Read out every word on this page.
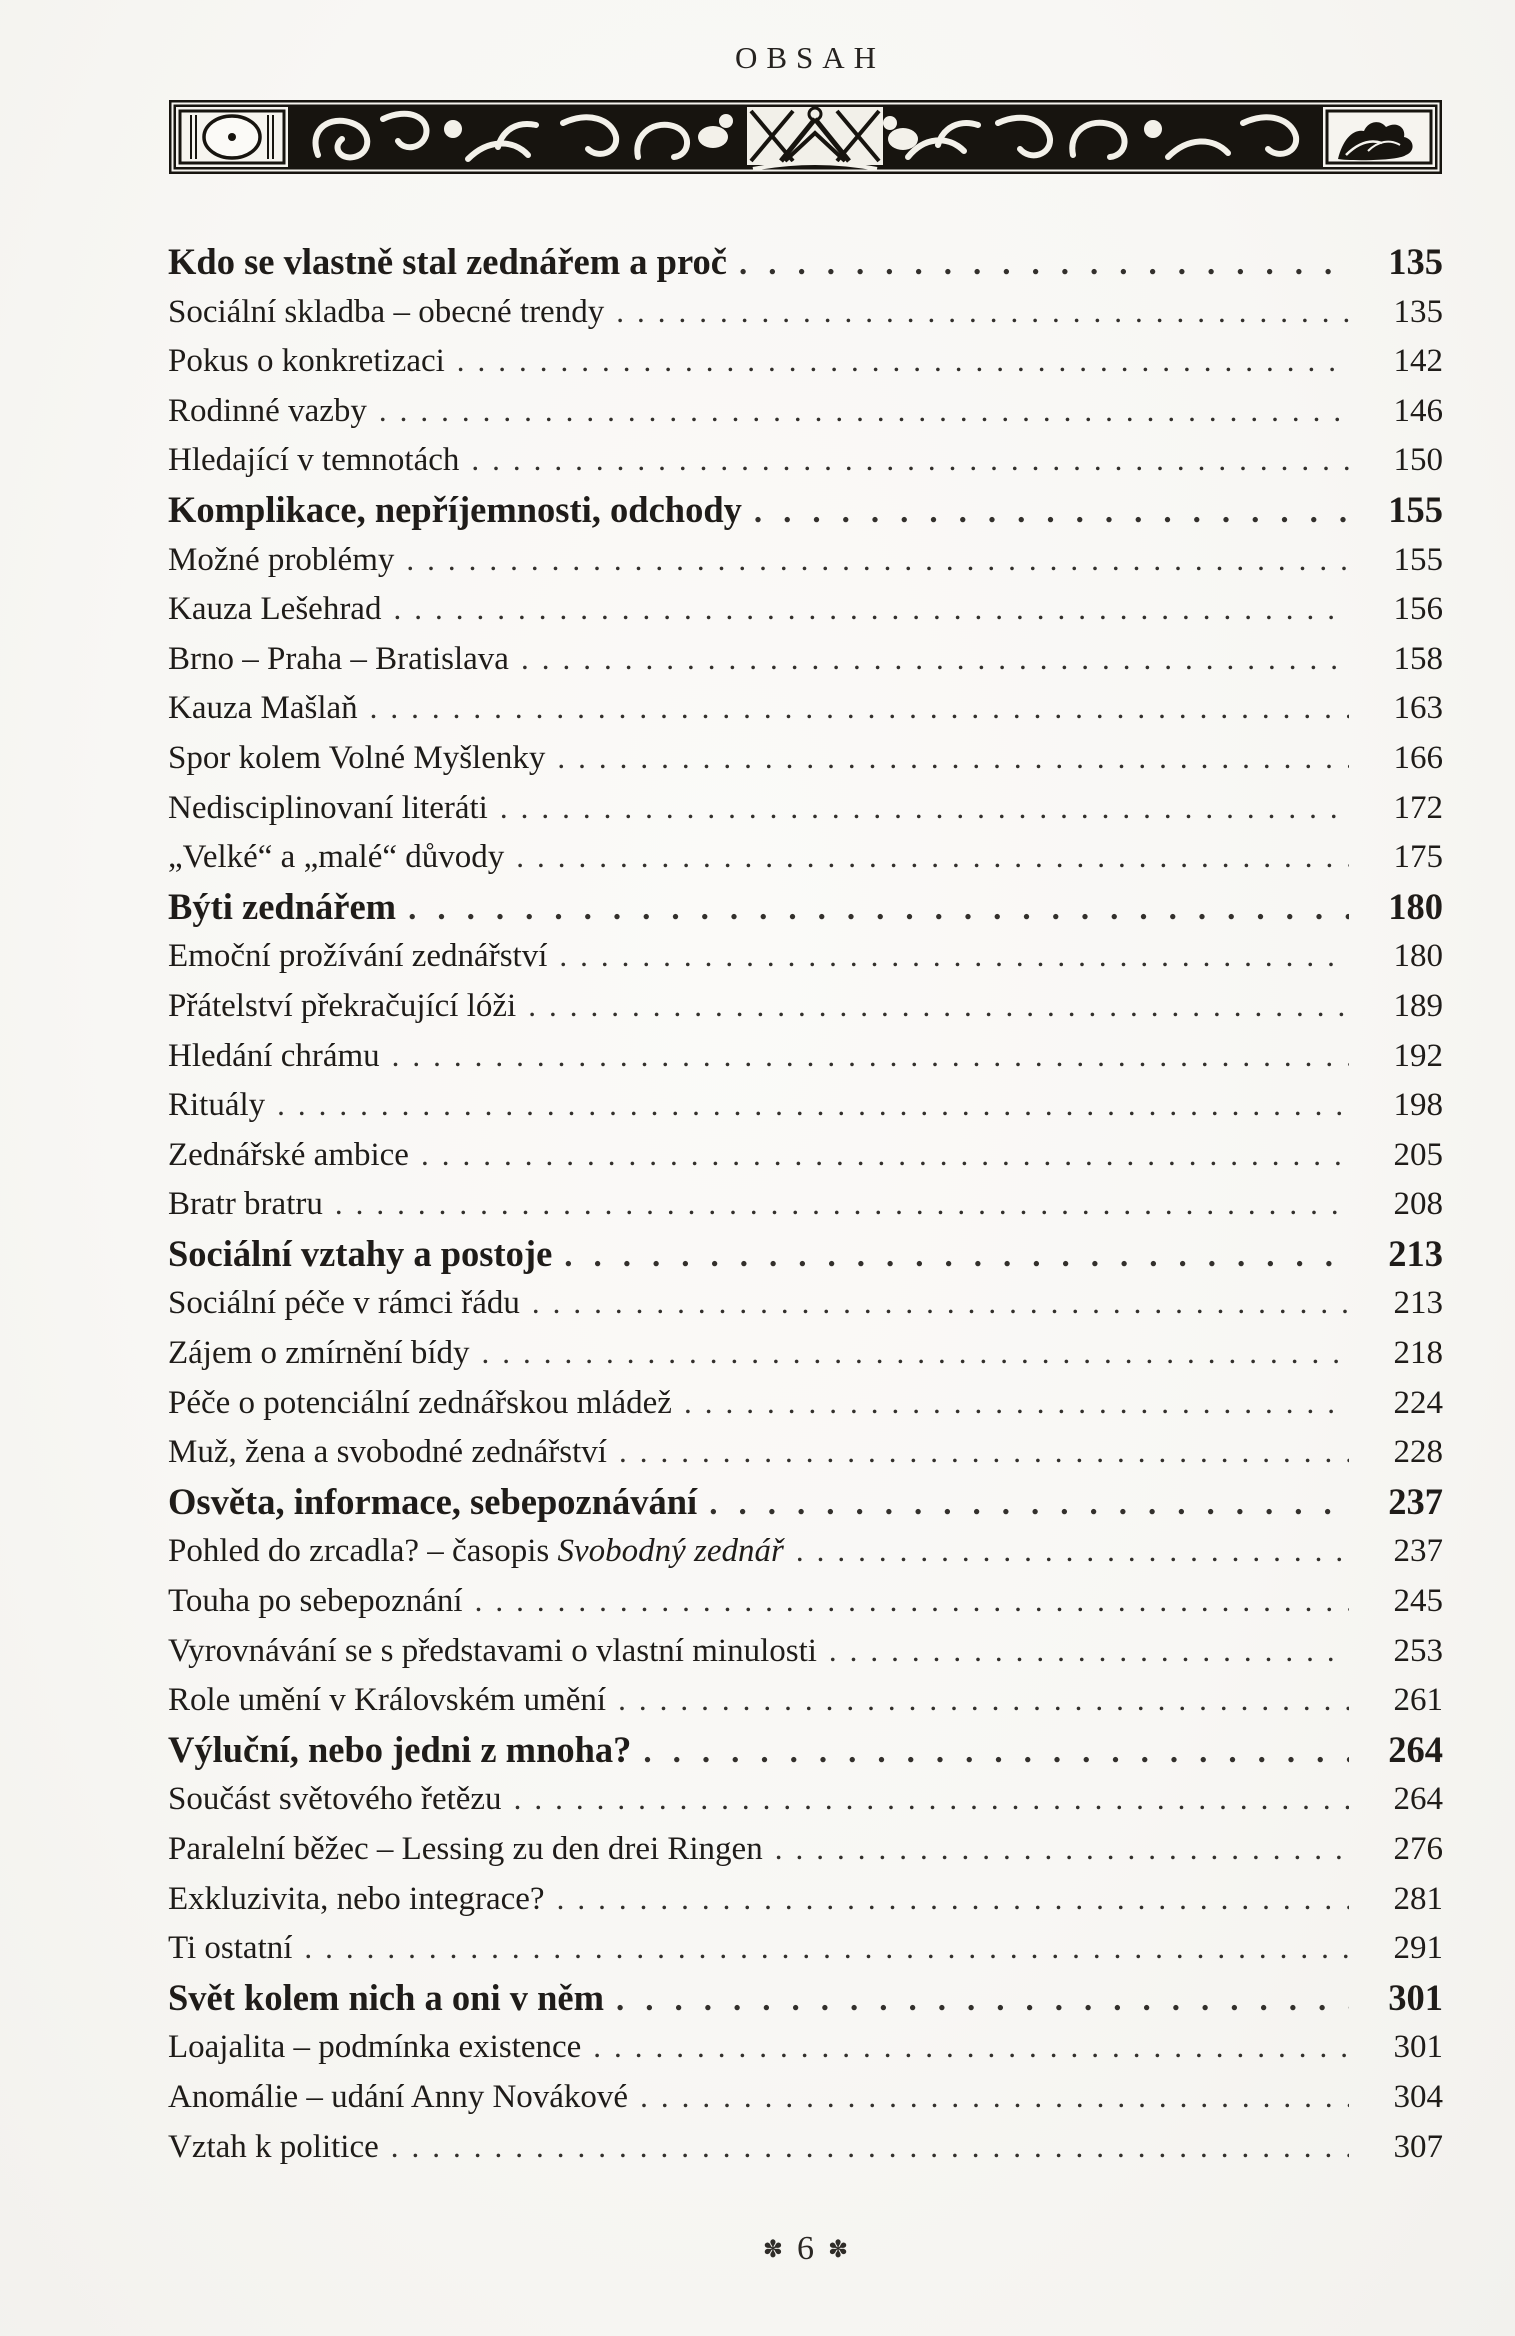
OBSAH
Kdo se vlastně stal zednářem a proč .....	135
Sociální skladba – obecné trendy .....	135
Pokus o konkretizaci .....	142
Rodinné vazby .....	146
Hledající v temnotách .....	150
Komplikace, nepříjemnosti, odchody .....	155
Možné problémy .....	155
Kauza Lešehrad .....	156
Brno – Praha – Bratislava .....	158
Kauza Mašlaň .....	163
Spor kolem Volné Myšlenky .....	166
Nedisciplinovaní literáti .....	172
„Velké“ a „malé“ důvody .....	175
Býti zednářem .....	180
Emoční prožívání zednářství .....	180
Přátelství překračující lóži .....	189
Hledání chrámu .....	192
Rituály .....	198
Zednářské ambice .....	205
Bratr bratru .....	208
Sociální vztahy a postoje .....	213
Sociální péče v rámci řádu .....	213
Zájem o zmírnění bídy .....	218
Péče o potenciální zednářskou mládež .....	224
Muž, žena a svobodné zednářství .....	228
Osvěta, informace, sebepoznávání .....	237
Pohled do zrcadla? – časopis Svobodný zednář .....	237
Touha po sebepoznání .....	245
Vyrovnávání se s představami o vlastní minulosti .....	253
Role umění v Královském umění .....	261
Výluční, nebo jedni z mnoha? .....	264
Součást světového řetězu .....	264
Paralelní běžec – Lessing zu den drei Ringen .....	276
Exkluzivita, nebo integrace? .....	281
Ti ostatní .....	291
Svět kolem nich a oni v něm .....	301
Loajalita – podmínka existence .....	301
Anomálie – udání Anny Novákové .....	304
Vztah k politice .....	307
✽ 6 ✽
